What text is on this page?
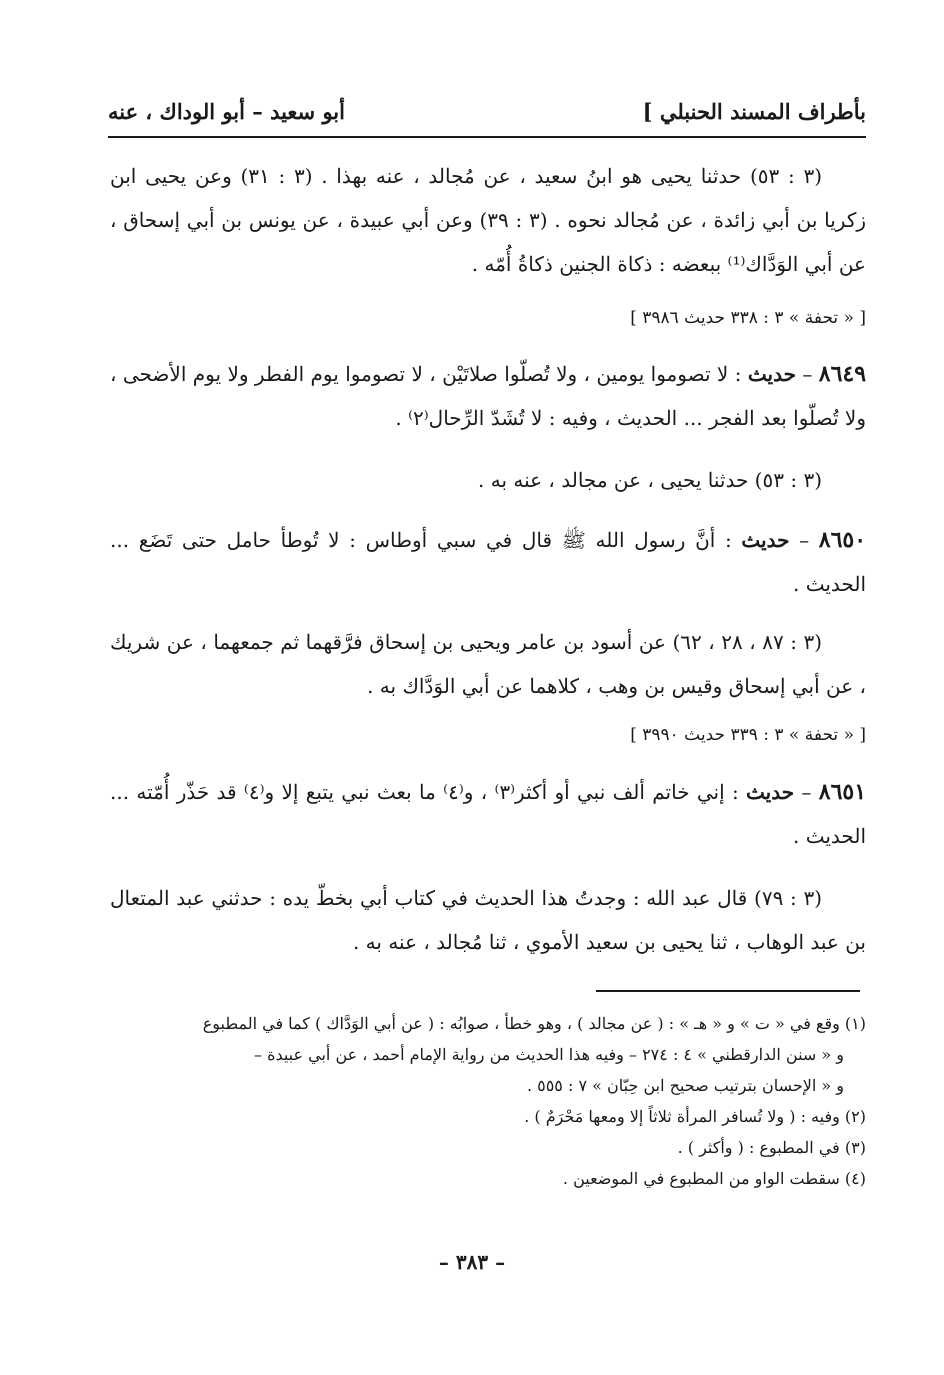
بأطراف المسند الحنبلي ]
أبو سعيد – أبو الوداك ، عنه
(٣ : ٥٣) حدثنا يحيى هو ابنُ سعيد ، عن مُجالد ، عنه بهذا . (٣ : ٣١) وعن يحيى ابن زكريا بن أبي زائدة ، عن مُجالد نحوه . (٣ : ٣٩) وعن أبي عبيدة ، عن يونس بن أبي إسحاق ، عن أبي الوَدَّاك⁽¹⁾ ببعضه : ذكاة الجنين ذكاةُ أُمّه .
[ « تحفة » ٣ : ٣٣٨ حديث ٣٩٨٦ ]
٨٦٤٩ – حديث : لا تصوموا يومين ، ولا تُصلّوا صلاتَيْن ، لا تصوموا يوم الفطر ولا يوم الأضحى ، ولا تُصلّوا بعد الفجر ... الحديث ، وفيه : لا تُشَدّ الرِّحال⁽٢⁾ .
(٣ : ٥٣) حدثنا يحيى ، عن مجالد ، عنه به .
٨٦٥٠ – حديث : أنَّ رسول الله ﷺ قال في سبي أوطاس : لا تُوطأ حامل حتى تَضَع ... الحديث .
(٣ : ٨٧ ، ٢٨ ، ٦٢) عن أسود بن عامر ويحيى بن إسحاق فرَّقهما ثم جمعهما ، عن شريك ، عن أبي إسحاق وقيس بن وهب ، كلاهما عن أبي الوَدَّاك به .
[ « تحفة » ٣ : ٣٣٩ حديث ٣٩٩٠ ]
٨٦٥١ – حديث : إني خاتم ألف نبي أو أكثر⁽٣⁾ ، و⁽٤⁾ ما بعث نبي يتبع إلا و⁽٤⁾ قد حَذّر أُمّته ... الحديث .
(٣ : ٧٩) قال عبد الله : وجدتُ هذا الحديث في كتاب أبي بخطّ يده : حدثني عبد المتعال بن عبد الوهاب ، ثنا يحيى بن سعيد الأموي ، ثنا مُجالد ، عنه به .

(١) وقع في « ت » و « هـ » : ( عن مجالد ) ، وهو خطأ ، صوابُه : ( عن أبي الوَدَّاك ) كما في المطبوع

و « سنن الدارقطني » ٤ : ٢٧٤ – وفيه هذا الحديث من رواية الإمام أحمد ، عن أبي عبيدة –

و « الإحسان بترتيب صحيح ابن حِبّان » ٧ : ٥٥٥ .

(٢) وفيه : ( ولا تُسافر المرأة ثلاثاً إلا ومعها مَحْرَمٌ ) .

(٣) في المطبوع : ( وأكثر ) .

(٤) سقطت الواو من المطبوع في الموضعين .

– ٣٨٣ –
